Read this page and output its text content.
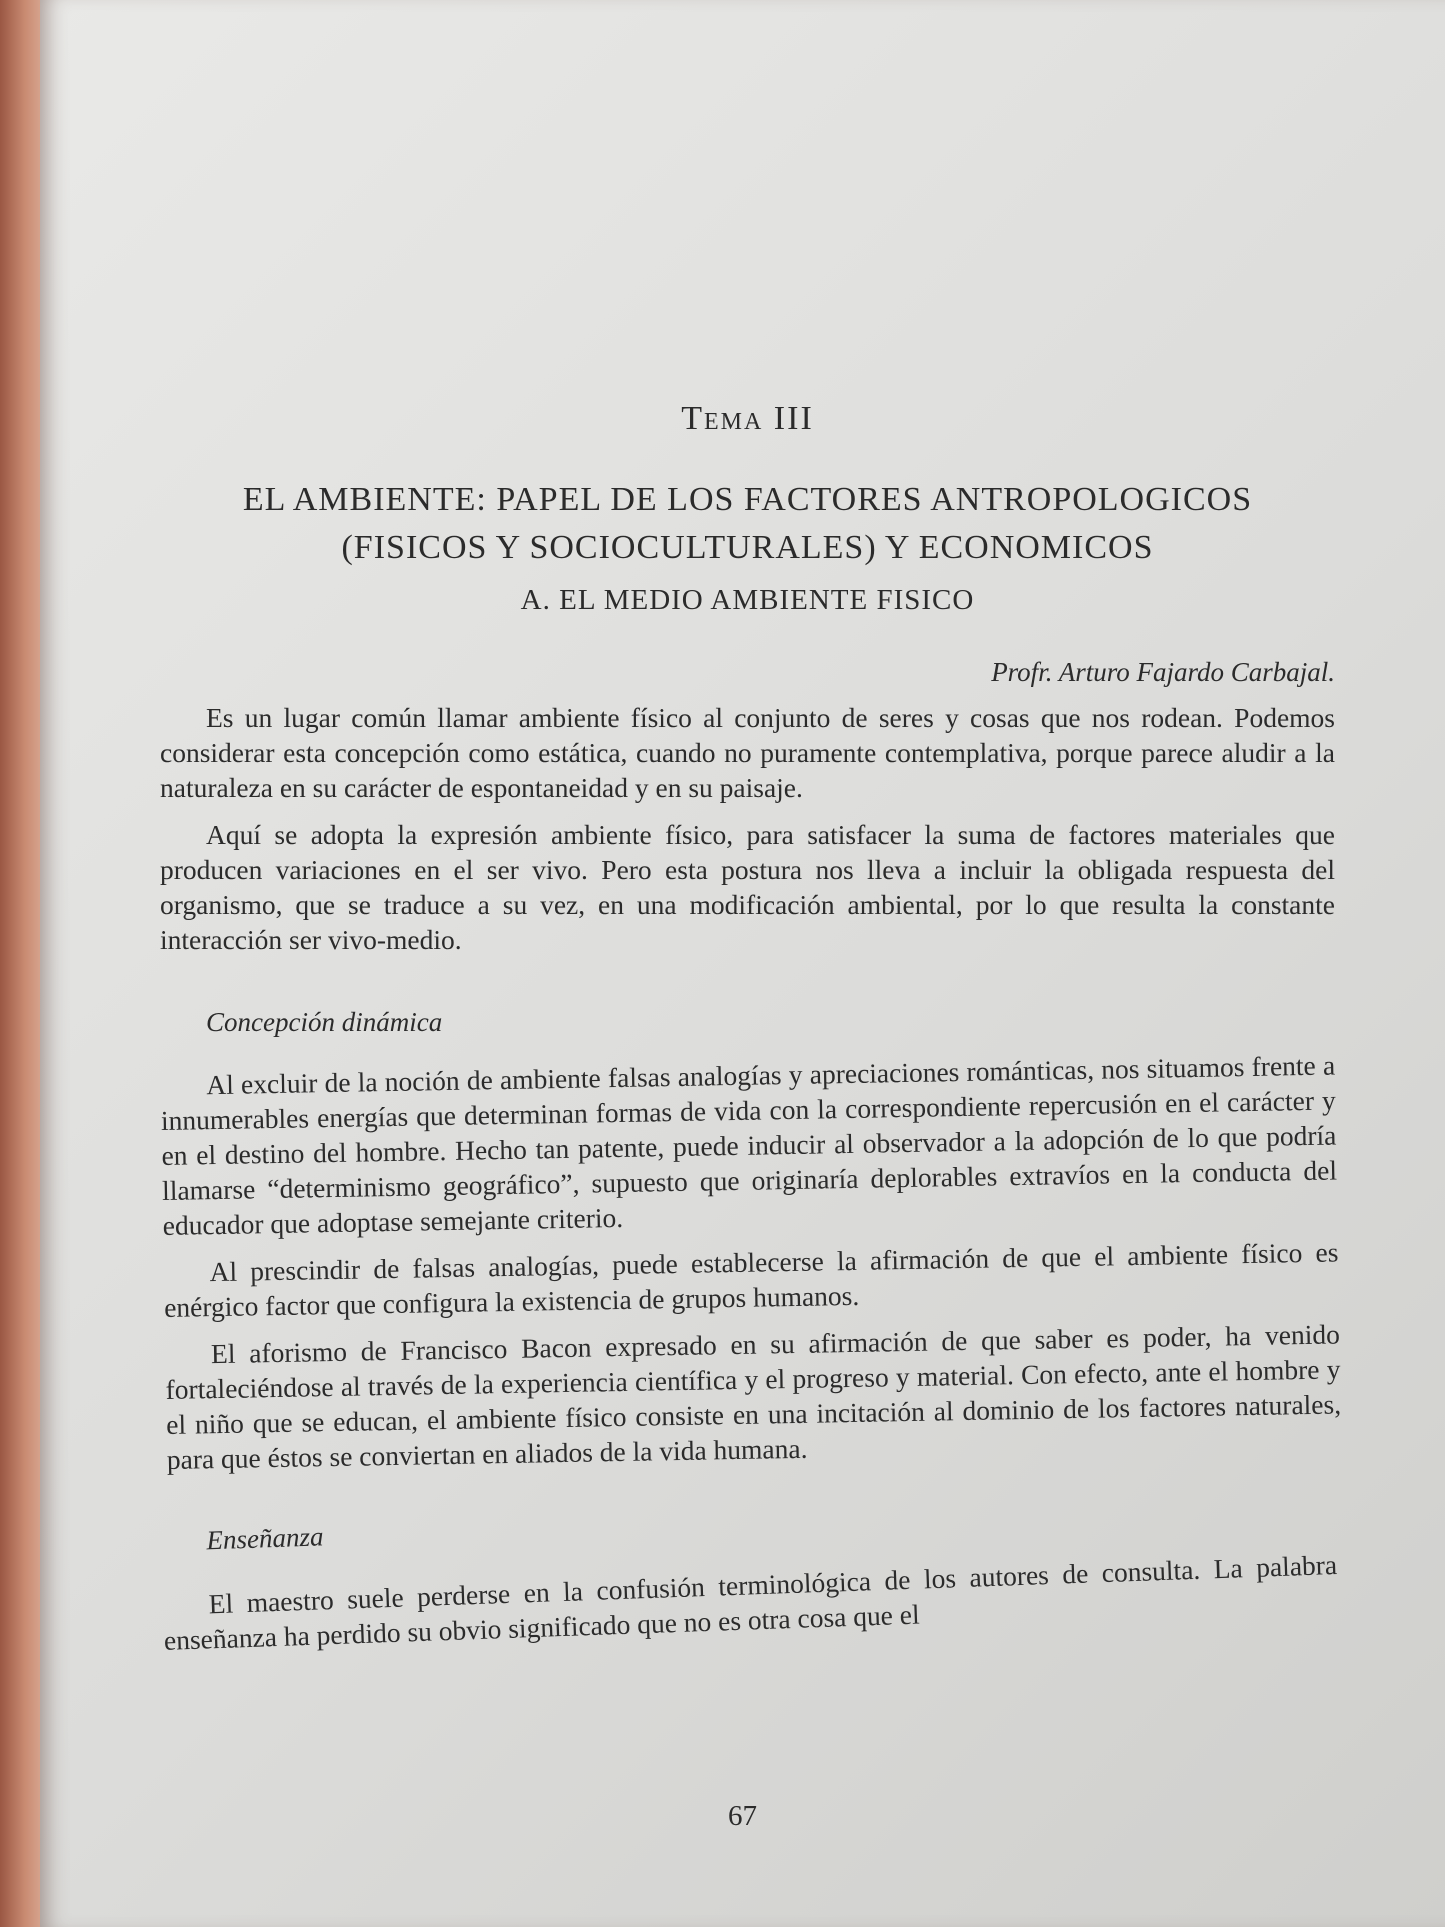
Tema III
EL AMBIENTE: PAPEL DE LOS FACTORES ANTROPOLOGICOS
(FISICOS Y SOCIOCULTURALES) Y ECONOMICOS
A. EL MEDIO AMBIENTE FISICO
Profr. Arturo Fajardo Carbajal.

Es un lugar común llamar ambiente físico al conjunto de seres y cosas que nos rodean. Podemos considerar esta concepción como estática, cuando no puramente contemplativa, porque parece aludir a la naturaleza en su carácter de espontaneidad y en su paisaje.

Aquí se adopta la expresión ambiente físico, para satisfacer la suma de factores materiales que producen variaciones en el ser vivo. Pero esta postura nos lleva a incluir la obligada respuesta del organismo, que se traduce a su vez, en una modificación ambiental, por lo que resulta la constante interacción ser vivo-medio.

Concepción dinámica

Al excluir de la noción de ambiente falsas analogías y apreciaciones románticas, nos situamos frente a innumerables energías que determinan formas de vida con la correspondiente repercusión en el carácter y en el destino del hombre. Hecho tan patente, puede inducir al observador a la adopción de lo que podría llamarse “determinismo geográfico”, supuesto que originaría deplorables extravíos en la conducta del educador que adoptase semejante criterio.

Al prescindir de falsas analogías, puede establecerse la afirmación de que el ambiente físico es enérgico factor que configura la existencia de grupos humanos.

El aforismo de Francisco Bacon expresado en su afirmación de que saber es poder, ha venido fortaleciéndose al través de la experiencia científica y el progreso y material. Con efecto, ante el hombre y el niño que se educan, el ambiente físico consiste en una incitación al dominio de los factores naturales, para que éstos se conviertan en aliados de la vida humana.

Enseñanza

El maestro suele perderse en la confusión terminológica de los autores de consulta. La palabra enseñanza ha perdido su obvio significado que no es otra cosa que el

67
